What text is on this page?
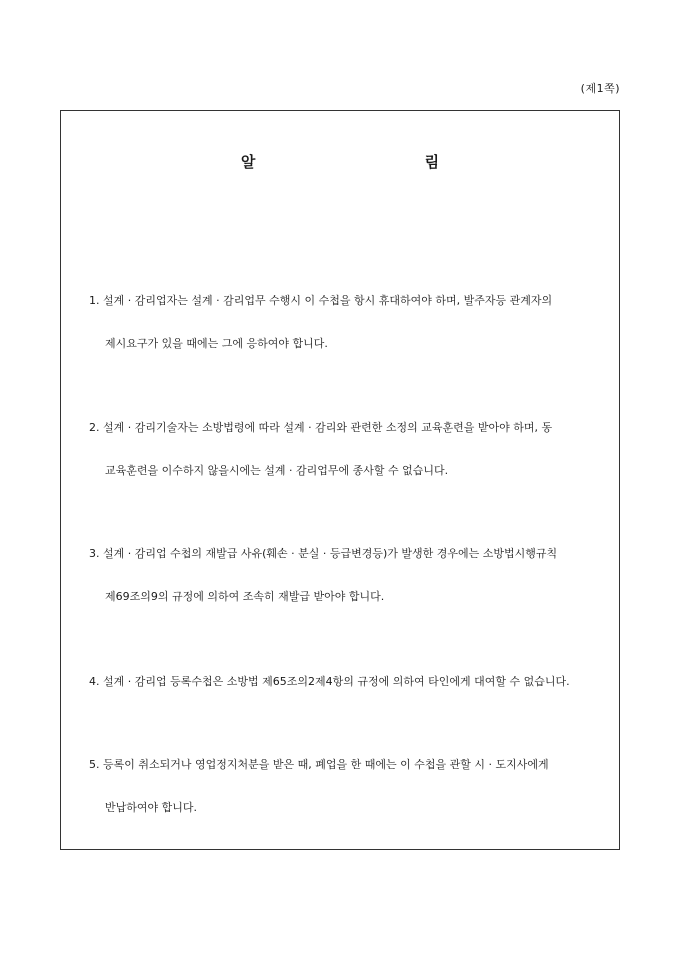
(제1쪽)
알 림
1. 설계 · 감리업자는 설계 · 감리업무 수행시 이 수첩을 항시 휴대하여야 하며, 발주자등 관계자의
제시요구가 있을 때에는 그에 응하여야 합니다.
2. 설계 · 감리기술자는 소방법령에 따라 설계 · 감리와 관련한 소정의 교육훈련을 받아야 하며, 동
교육훈련을 이수하지 않을시에는 설계 · 감리업무에 종사할 수 없습니다.
3. 설계 · 감리업 수첩의 재발급 사유(훼손 · 분실 · 등급변경등)가 발생한 경우에는 소방법시행규칙
제69조의9의 규정에 의하여 조속히 재발급 받아야 합니다.
4. 설계 · 감리업 등록수첩은 소방법 제65조의2제4항의 규정에 의하여 타인에게 대여할 수 없습니다.
5. 등록이 취소되거나 영업정지처분을 받은 때, 폐업을 한 때에는 이 수첩을 관할 시 · 도지사에게
반납하여야 합니다.
